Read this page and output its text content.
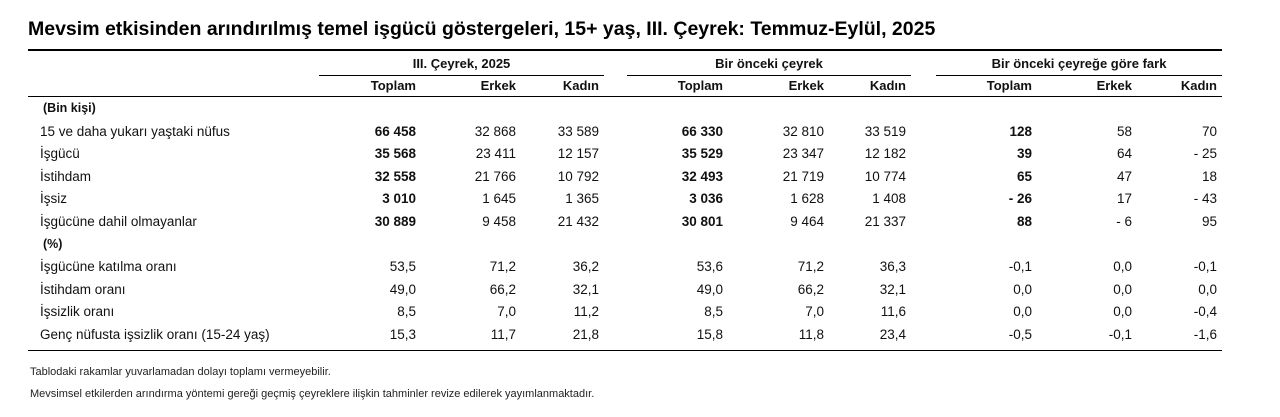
Mevsim etkisinden arındırılmış temel işgücü göstergeleri, 15+ yaş, III. Çeyrek: Temmuz-Eylül, 2025
III. Çeyrek, 2025	Bir önceki çeyrek	Bir önceki çeyreğe göre fark
Toplam	Erkek	Kadın	Toplam	Erkek	Kadın	Toplam	Erkek	Kadın
(Bin kişi)
15 ve daha yukarı yaştaki nüfus	66 458	32 868	33 589	66 330	32 810	33 519	128	58	70
İşgücü	35 568	23 411	12 157	35 529	23 347	12 182	39	64	- 25
İstihdam	32 558	21 766	10 792	32 493	21 719	10 774	65	47	18
İşsiz	3 010	1 645	1 365	3 036	1 628	1 408	- 26	17	- 43
İşgücüne dahil olmayanlar	30 889	9 458	21 432	30 801	9 464	21 337	88	- 6	95
(%)
İşgücüne katılma oranı	53,5	71,2	36,2	53,6	71,2	36,3	-0,1	0,0	-0,1
İstihdam oranı	49,0	66,2	32,1	49,0	66,2	32,1	0,0	0,0	0,0
İşsizlik oranı	8,5	7,0	11,2	8,5	7,0	11,6	0,0	0,0	-0,4
Genç nüfusta işsizlik oranı (15-24 yaş)	15,3	11,7	21,8	15,8	11,8	23,4	-0,5	-0,1	-1,6
Tablodaki rakamlar yuvarlamadan dolayı toplamı vermeyebilir.
Mevsimsel etkilerden arındırma yöntemi gereği geçmiş çeyreklere ilişkin tahminler revize edilerek yayımlanmaktadır.
